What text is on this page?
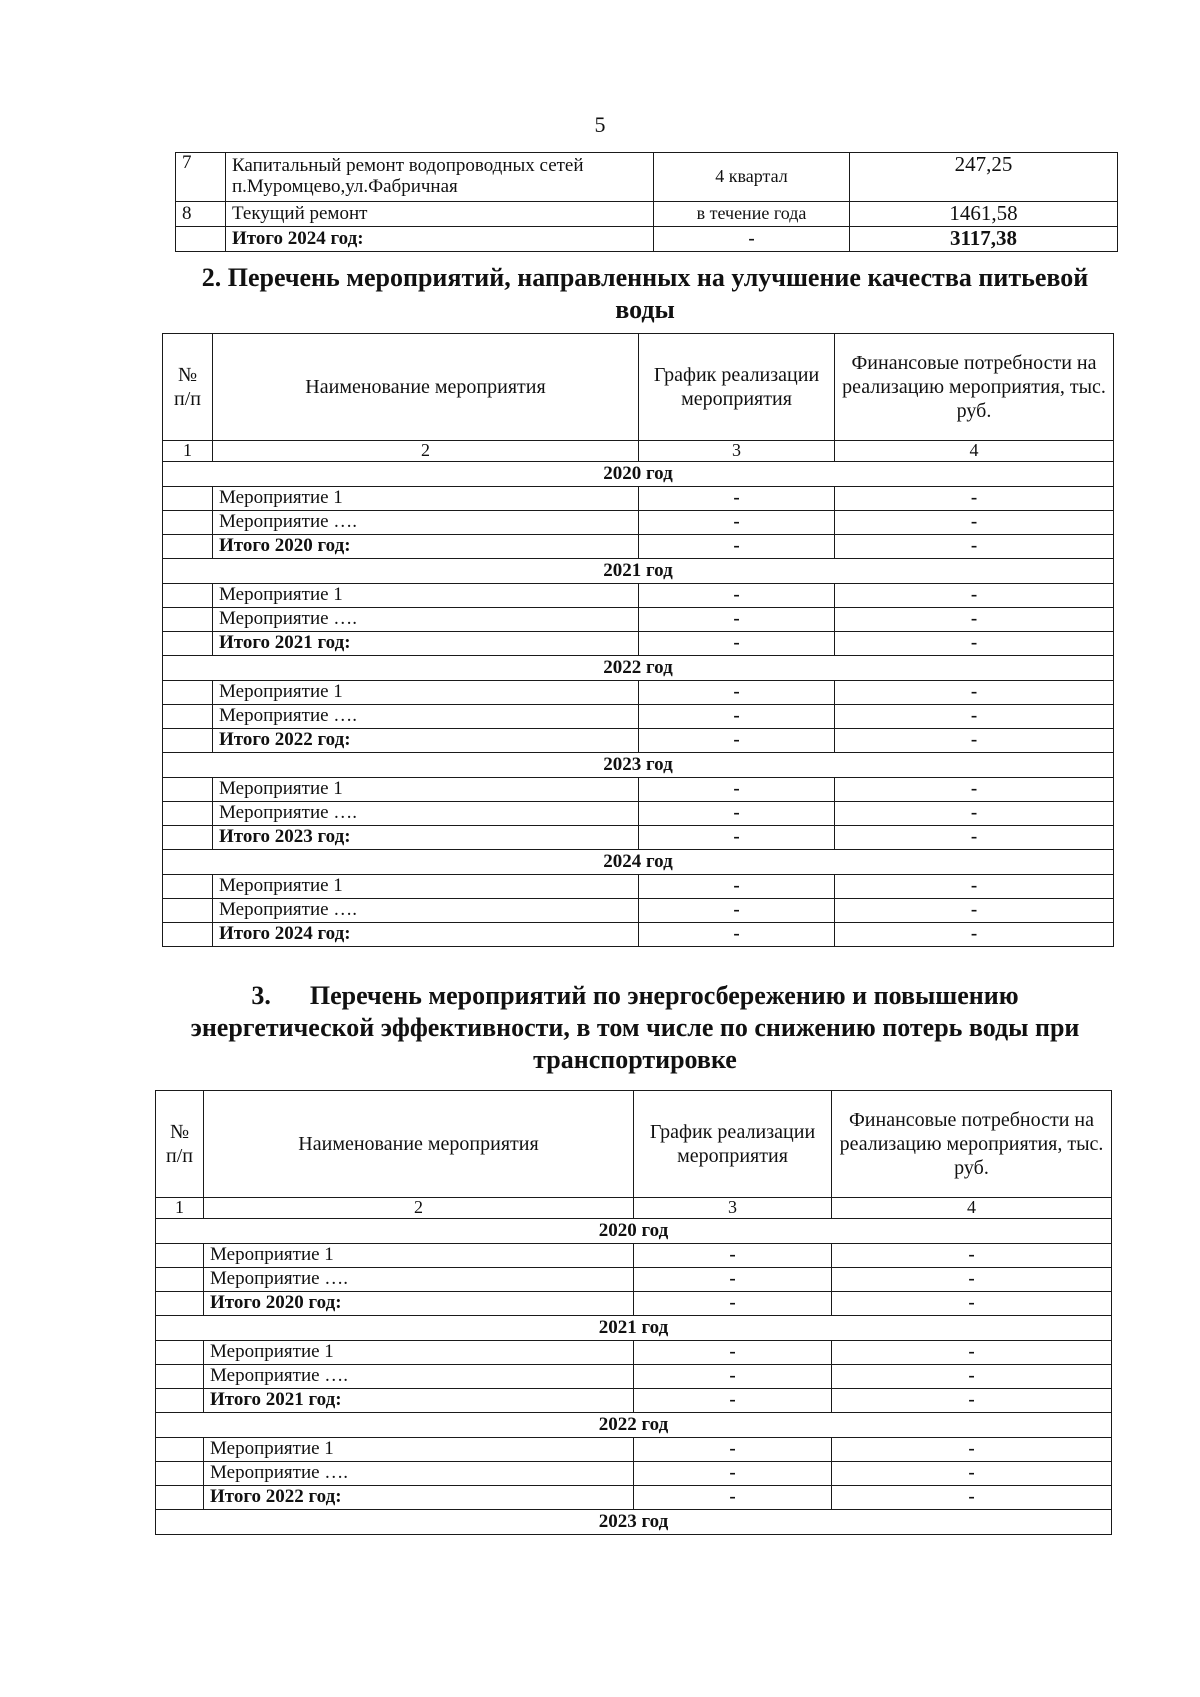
5
7	Капитальный ремонт водопроводных сетей п.Муромцево,ул.Фабричная	4 квартал	247,25
8	Текущий ремонт	в течение года	1461,58
	Итого 2024 год:	-	3117,38
2. Перечень мероприятий, направленных на улучшение качества питьевой воды
№ п/п	Наименование мероприятия	График реализации мероприятия	Финансовые потребности на реализацию мероприятия, тыс. руб.
1	2	3	4
2020 год			
	Мероприятие 1	-	-
	Мероприятие ….	-	-
	Итого 2020 год:	-	-
2021 год			
	Мероприятие 1	-	-
	Мероприятие ….	-	-
	Итого 2021 год:	-	-
2022 год			
	Мероприятие 1	-	-
	Мероприятие ….	-	-
	Итого 2022 год:	-	-
2023 год			
	Мероприятие 1	-	-
	Мероприятие ….	-	-
	Итого 2023 год:	-	-
2024 год			
	Мероприятие 1	-	-
	Мероприятие ….	-	-
	Итого 2024 год:	-	-
3. Перечень мероприятий по энергосбережению и повышению
энергетической эффективности, в том числе по снижению потерь воды при
транспортировке
№ п/п	Наименование мероприятия	График реализации мероприятия	Финансовые потребности на реализацию мероприятия, тыс. руб.
1	2	3	4
2020 год			
	Мероприятие 1	-	-
	Мероприятие ….	-	-
	Итого 2020 год:	-	-
2021 год			
	Мероприятие 1	-	-
	Мероприятие ….	-	-
	Итого 2021 год:	-	-
2022 год			
	Мероприятие 1	-	-
	Мероприятие ….	-	-
	Итого 2022 год:	-	-
2023 год			
